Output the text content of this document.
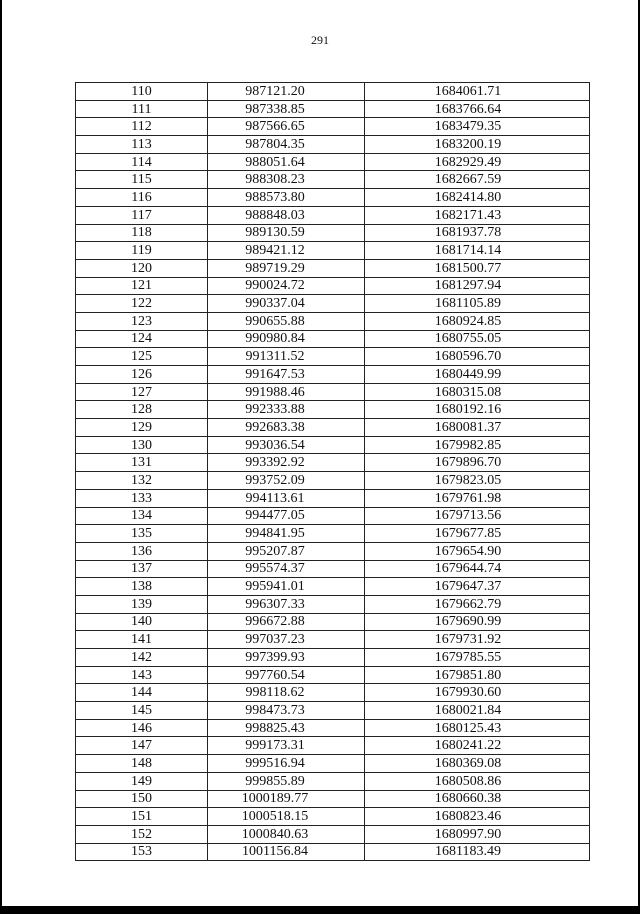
291
110	987121.20	1684061.71
111	987338.85	1683766.64
112	987566.65	1683479.35
113	987804.35	1683200.19
114	988051.64	1682929.49
115	988308.23	1682667.59
116	988573.80	1682414.80
117	988848.03	1682171.43
118	989130.59	1681937.78
119	989421.12	1681714.14
120	989719.29	1681500.77
121	990024.72	1681297.94
122	990337.04	1681105.89
123	990655.88	1680924.85
124	990980.84	1680755.05
125	991311.52	1680596.70
126	991647.53	1680449.99
127	991988.46	1680315.08
128	992333.88	1680192.16
129	992683.38	1680081.37
130	993036.54	1679982.85
131	993392.92	1679896.70
132	993752.09	1679823.05
133	994113.61	1679761.98
134	994477.05	1679713.56
135	994841.95	1679677.85
136	995207.87	1679654.90
137	995574.37	1679644.74
138	995941.01	1679647.37
139	996307.33	1679662.79
140	996672.88	1679690.99
141	997037.23	1679731.92
142	997399.93	1679785.55
143	997760.54	1679851.80
144	998118.62	1679930.60
145	998473.73	1680021.84
146	998825.43	1680125.43
147	999173.31	1680241.22
148	999516.94	1680369.08
149	999855.89	1680508.86
150	1000189.77	1680660.38
151	1000518.15	1680823.46
152	1000840.63	1680997.90
153	1001156.84	1681183.49
